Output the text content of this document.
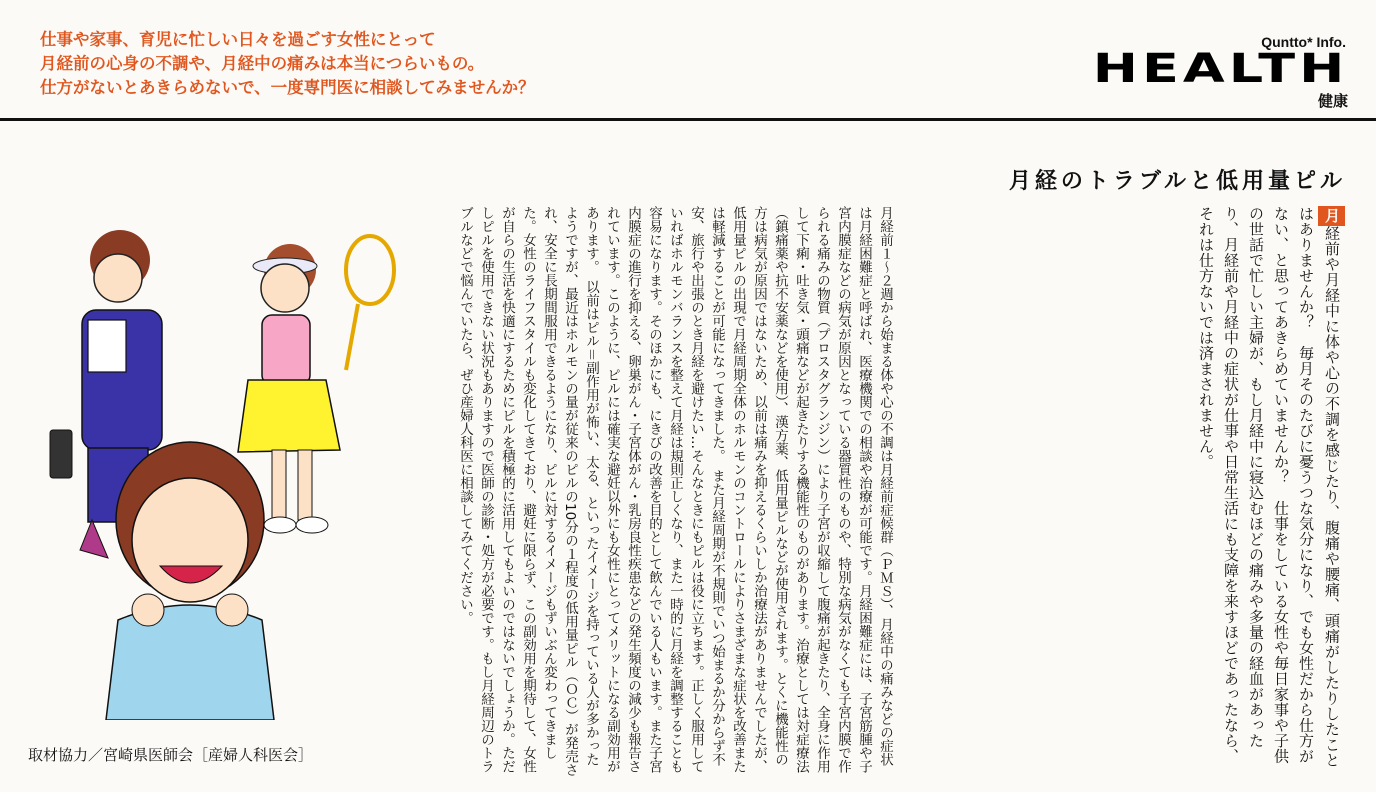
仕事や家事、育児に忙しい日々を過ごす女性にとって
月経前の心身の不調や、月経中の痛みは本当につらいもの。
仕方がないとあきらめないで、一度専門医に相談してみませんか？
Quntto* Info.
HEALTH
健康
月経のトラブルと低用量ピル
月経前や月経中に体や心の不調を感じたり、腹痛や腰痛、頭痛がしたりしたことはありませんか？　毎月そのたびに憂うつな気分になり、でも女性だから仕方がない、と思ってあきらめていませんか？　仕事をしている女性や毎日家事や子供の世話で忙しい主婦が、もし月経中に寝込むほどの痛みや多量の経血があったり、月経前や月経中の症状が仕事や日常生活にも支障を来すほどであったなら、それは仕方ないでは済まされません。
月経前１～２週から始まる体や心の不調は月経前症候群（ＰＭＳ）、月経中の痛みなどの症状は月経困難症と呼ばれ、医療機関での相談や治療が可能です。月経困難症には、子宮筋腫や子宮内膜症などの病気が原因となっている器質性のものや、特別な病気がなくても子宮内膜で作られる痛みの物質（プロスタグランジン）により子宮が収縮して腹痛が起きたり、全身に作用して下痢・吐き気・頭痛などが起きたりする機能性のものがあります。治療としては対症療法（鎮痛薬や抗不安薬などを使用）、漢方薬、低用量ピルなどが使用されます。とくに機能性の方は病気が原因ではないため、以前は痛みを抑えるくらいしか治療法がありませんでしたが、低用量ピルの出現で月経周期全体のホルモンのコントロールによりさまざまな症状を改善または軽減することが可能になってきました。　また月経周期が不規則でいつ始まるか分からず不安、旅行や出張のとき月経を避けたい…そんなときにもピルは役に立ちます。正しく服用していればホルモンバランスを整えて月経は規則正しくなり、また一時的に月経を調整することも容易になります。そのほかにも、にきびの改善を目的として飲んでいる人もいます。また子宮内膜症の進行を抑える、卵巣がん・子宮体がん・乳房良性疾患などの発生頻度の減少も報告されています。このように、ピルには確実な避妊以外にも女性にとってメリットになる副効用があります。　以前はピル＝副作用が怖い、太る、といったイメージを持っている人が多かったようですが、最近はホルモンの量が従来のピルの10分の１程度の低用量ピル（ＯＣ）が発売され、安全に長期間服用できるようになり、ピルに対するイメージもずいぶん変わってきました。女性のライフスタイルも変化してきており、避妊に限らず、この副効用を期待して、女性が自らの生活を快適にするためにピルを積極的に活用してもよいのではないでしょうか。ただしピルを使用できない状況もありますので医師の診断・処方が必要です。もし月経周辺のトラブルなどで悩んでいたら、ぜひ産婦人科医に相談してみてください。
取材協力／宮崎県医師会［産婦人科医会］
